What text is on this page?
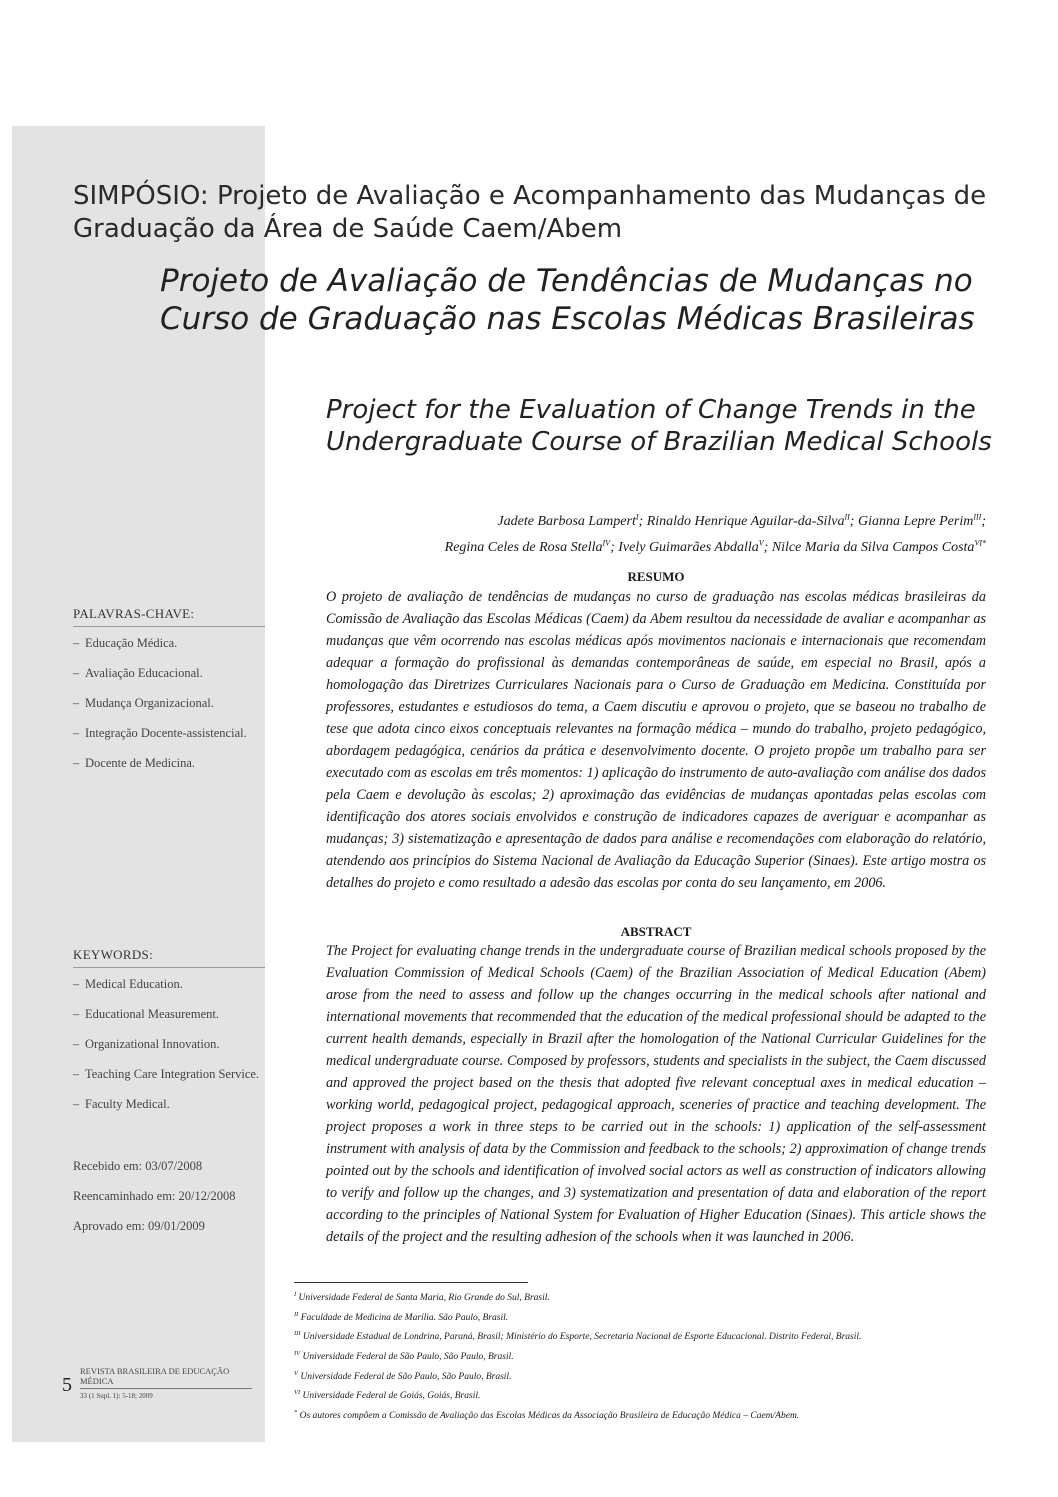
SIMPÓSIO: Projeto de Avaliação e Acompanhamento das Mudanças de Graduação da Área de Saúde Caem/Abem
Projeto de Avaliação de Tendências de Mudanças no Curso de Graduação nas Escolas Médicas Brasileiras
Project for the Evaluation of Change Trends in the Undergraduate Course of Brazilian Medical Schools
Jadete Barbosa Lampert$^I$; Rinaldo Henrique Aguilar-da-Silva$^{II}$; Gianna Lepre Perim$^{III}$;
Regina Celes de Rosa Stella$^{IV}$; Ively Guimarães Abdalla$^V$; Nilce Maria da Silva Campos Costa$^{VI*}$
RESUMO

O projeto de avaliação de tendências de mudanças no curso de graduação nas escolas médicas brasileiras da Comissão de Avaliação das Escolas Médicas (Caem) da Abem resultou da necessidade de avaliar e acompanhar as mudanças que vêm ocorrendo nas escolas médicas após movimentos nacionais e internacionais que recomendam adequar a formação do profissional às demandas contemporâneas de saúde, em especial no Brasil, após a homologação das Diretrizes Curriculares Nacionais para o Curso de Graduação em Medicina. Constituída por professores, estudantes e estudiosos do tema, a Caem discutiu e aprovou o projeto, que se baseou no trabalho de tese que adota cinco eixos conceptuais relevantes na formação médica – mundo do trabalho, projeto pedagógico, abordagem pedagógica, cenários da prática e desenvolvimento docente. O projeto propõe um trabalho para ser executado com as escolas em três momentos: 1) aplicação do instrumento de auto-avaliação com análise dos dados pela Caem e devolução às escolas; 2) aproximação das evidências de mudanças apontadas pelas escolas com identificação dos atores sociais envolvidos e construção de indicadores capazes de averiguar e acompanhar as mudanças; 3) sistematização e apresentação de dados para análise e recomendações com elaboração do relatório, atendendo aos princípios do Sistema Nacional de Avaliação da Educação Superior (Sinaes). Este artigo mostra os detalhes do projeto e como resultado a adesão das escolas por conta do seu lançamento, em 2006.

ABSTRACT

The Project for evaluating change trends in the undergraduate course of Brazilian medical schools proposed by the Evaluation Commission of Medical Schools (Caem) of the Brazilian Association of Medical Education (Abem) arose from the need to assess and follow up the changes occurring in the medical schools after national and international movements that recommended that the education of the medical professional should be adapted to the current health demands, especially in Brazil after the homologation of the National Curricular Guidelines for the medical undergraduate course. Composed by professors, students and specialists in the subject, the Caem discussed and approved the project based on the thesis that adopted five relevant conceptual axes in medical education – working world, pedagogical project, pedagogical approach, sceneries of practice and teaching development. The project proposes a work in three steps to be carried out in the schools: 1) application of the self-assessment instrument with analysis of data by the Commission and feedback to the schools; 2) approximation of change trends pointed out by the schools and identification of involved social actors as well as construction of indicators allowing to verify and follow up the changes, and 3) systematization and presentation of data and elaboration of the report according to the principles of National System for Evaluation of Higher Education (Sinaes). This article shows the details of the project and the resulting adhesion of the schools when it was launched in 2006.

PALAVRAS-CHAVE:
– Educação Médica.
– Avaliação Educacional.
– Mudança Organizacional.
– Integração Docente-assistencial.
– Docente de Medicina.
KEYWORDS:
– Medical Education.
– Educational Measurement.
– Organizational Innovation.
– Teaching Care Integration Service.
– Faculty Medical.
Recebido em: 03/07/2008
Reencaminhado em: 20/12/2008
Aprovado em: 09/01/2009
$^I$ Universidade Federal de Santa Maria, Rio Grande do Sul, Brasil.
$^{II}$ Faculdade de Medicina de Marília. São Paulo, Brasil.
$^{III}$ Universidade Estadual de Londrina, Paraná, Brasil; Ministério do Esporte, Secretaria Nacional de Esporte Educacional. Distrito Federal, Brasil.
$^{IV}$ Universidade Federal de São Paulo, São Paulo, Brasil.
$^V$ Universidade Federal de São Paulo, São Paulo, Brasil.
$^{VI}$ Universidade Federal de Goiás, Goiás, Brasil.
* Os autores compõem a Comissão de Avaliação das Escolas Médicas da Associação Brasileira de Educação Médica – Caem/Abem.
5
REVISTA BRASILEIRA DE EDUCAÇÃO MÉDICA
33 (1 Supl. 1): 5-18; 2009
